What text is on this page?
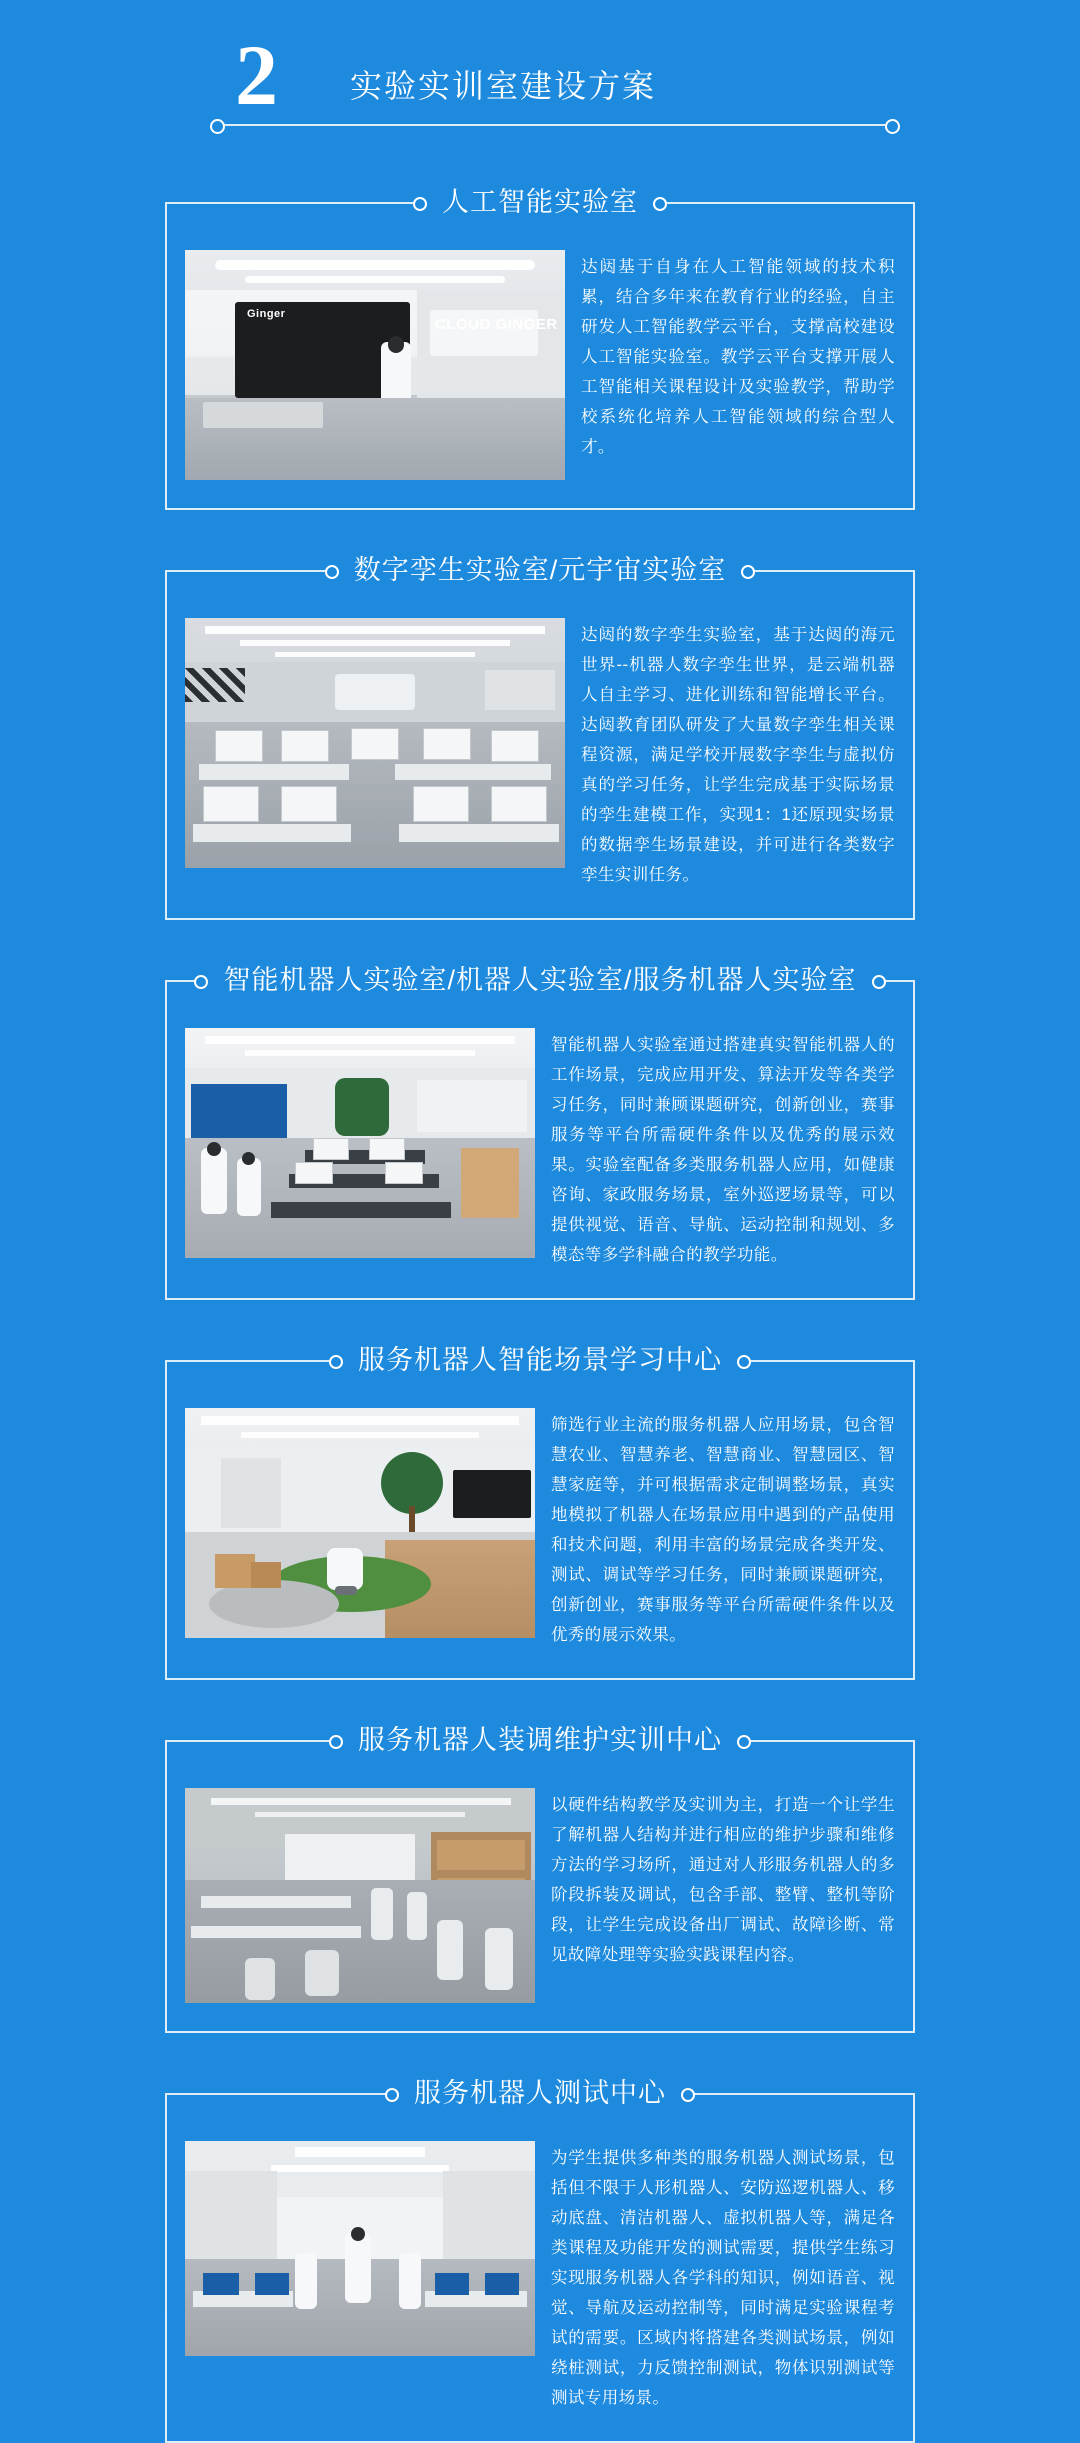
2 实验实训室建设方案
人工智能实验室
Ginger
CLOUD GINGER
达闼基于自身在人工智能领域的技术积累，结合多年来在教育行业的经验，自主研发人工智能教学云平台，支撑高校建设人工智能实验室。教学云平台支撑开展人工智能相关课程设计及实验教学，帮助学校系统化培养人工智能领域的综合型人才。
数字孪生实验室/元宇宙实验室
达闼的数字孪生实验室，基于达闼的海元世界--机器人数字孪生世界，是云端机器人自主学习、进化训练和智能增长平台。达闼教育团队研发了大量数字孪生相关课程资源，满足学校开展数字孪生与虚拟仿真的学习任务，让学生完成基于实际场景的孪生建模工作，实现1：1还原现实场景的数据孪生场景建设，并可进行各类数字孪生实训任务。
智能机器人实验室/机器人实验室/服务机器人实验室
智能机器人实验室通过搭建真实智能机器人的工作场景，完成应用开发、算法开发等各类学习任务，同时兼顾课题研究，创新创业，赛事服务等平台所需硬件条件以及优秀的展示效果。实验室配备多类服务机器人应用，如健康咨询、家政服务场景，室外巡逻场景等，可以提供视觉、语音、导航、运动控制和规划、多模态等多学科融合的教学功能。
服务机器人智能场景学习中心
筛选行业主流的服务机器人应用场景，包含智慧农业、智慧养老、智慧商业、智慧园区、智慧家庭等，并可根据需求定制调整场景，真实地模拟了机器人在场景应用中遇到的产品使用和技术问题，利用丰富的场景完成各类开发、测试、调试等学习任务，同时兼顾课题研究，创新创业，赛事服务等平台所需硬件条件以及优秀的展示效果。
服务机器人装调维护实训中心
以硬件结构教学及实训为主，打造一个让学生了解机器人结构并进行相应的维护步骤和维修方法的学习场所，通过对人形服务机器人的多阶段拆装及调试，包含手部、整臂、整机等阶段，让学生完成设备出厂调试、故障诊断、常见故障处理等实验实践课程内容。
服务机器人测试中心
为学生提供多种类的服务机器人测试场景，包括但不限于人形机器人、安防巡逻机器人、移动底盘、清洁机器人、虚拟机器人等，满足各类课程及功能开发的测试需要，提供学生练习实现服务机器人各学科的知识，例如语音、视觉、导航及运动控制等，同时满足实验课程考试的需要。区域内将搭建各类测试场景，例如绕桩测试，力反馈控制测试，物体识别测试等测试专用场景。
